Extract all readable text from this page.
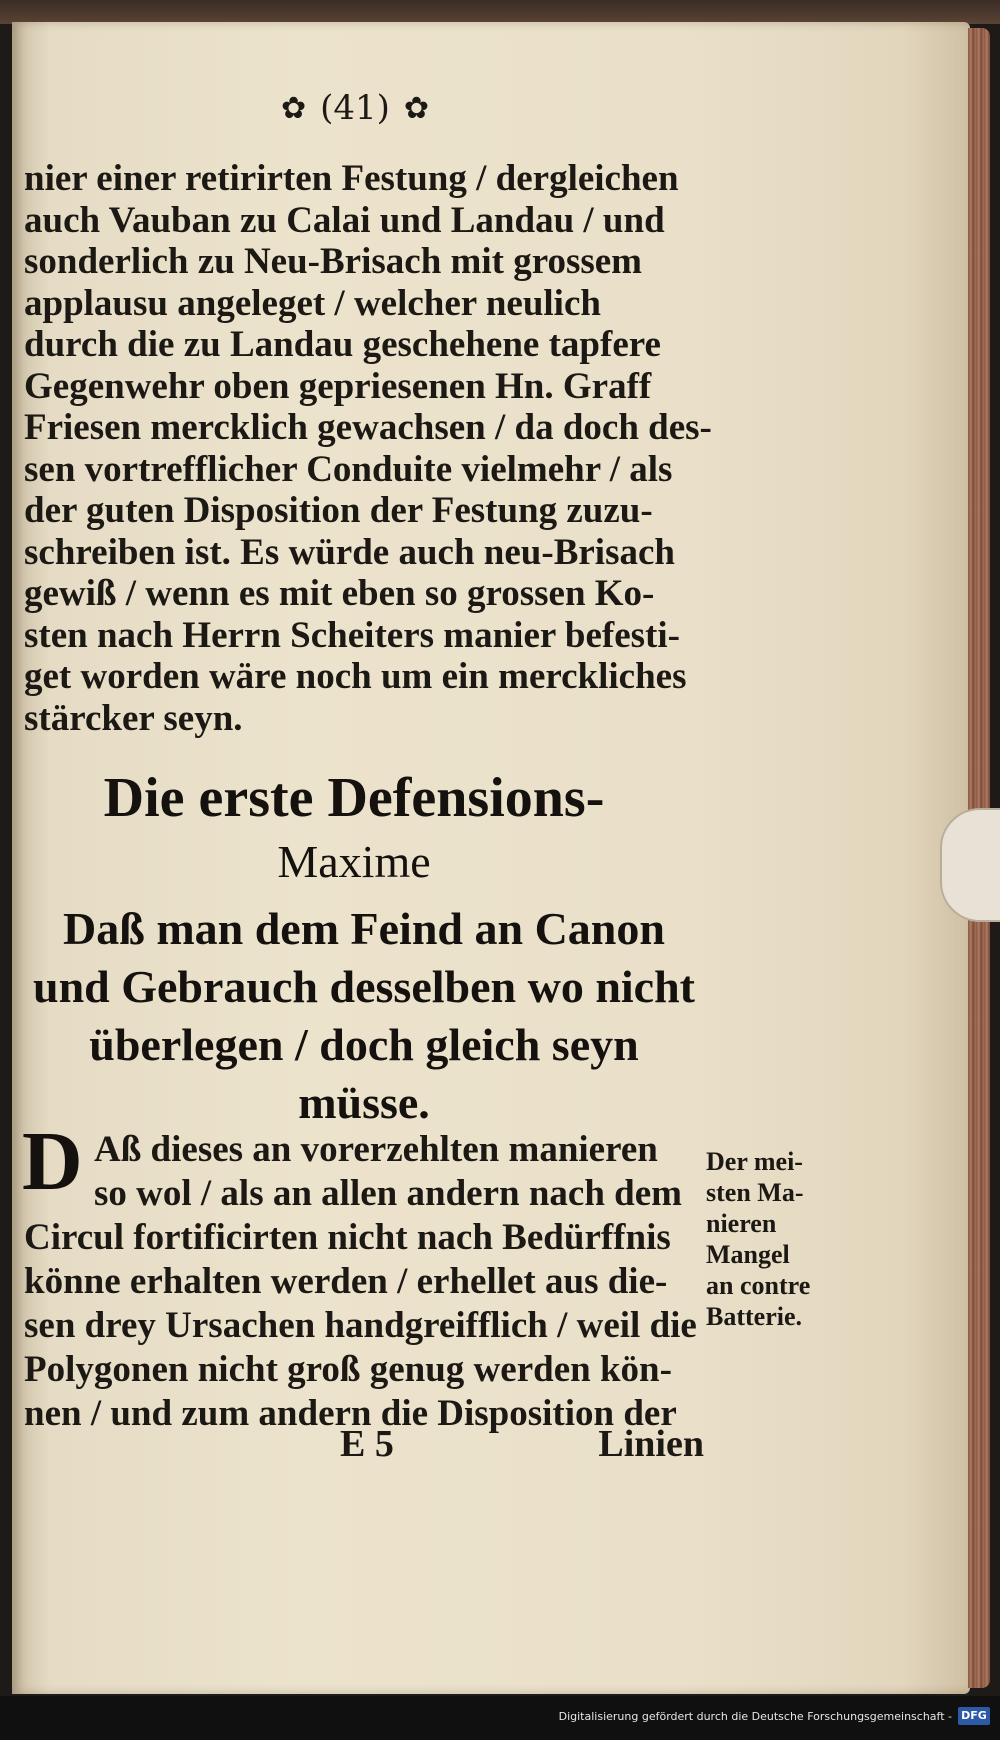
✿ (41) ✿
nier einer retirirten Festung / dergleichen
auch Vauban zu Calai und Landau / und
sonderlich zu Neu-Brisach mit grossem
applausu angeleget / welcher neulich
durch die zu Landau geschehene tapfere
Gegenwehr oben gepriesenen Hn. Graff
Friesen mercklich gewachsen / da doch des-
sen vortrefflicher Conduite vielmehr / als
der guten Disposition der Festung zuzu-
schreiben ist. Es würde auch neu-Brisach
gewiß / wenn es mit eben so grossen Ko-
sten nach Herrn Scheiters manier befesti-
get worden wäre noch um ein merckliches
stärcker seyn.
Die erste Defensions-
Maxime
Daß man dem Feind an Canon
und Gebrauch desselben wo nicht
überlegen / doch gleich seyn
müsse.
D Aß dieses an vorerzehlten manieren
so wol / als an allen andern nach dem
Circul fortificirten nicht nach Bedürffnis
könne erhalten werden / erhellet aus die-
sen drey Ursachen handgreifflich / weil die
Polygonen nicht groß genug werden kön-
nen / und zum andern die Disposition der
Der mei-
sten Ma-
nieren
Mangel
an contre
Batterie.
E 5	Linien
Digitalisierung gefördert durch die Deutsche Forschungsgemeinschaft - DFG
